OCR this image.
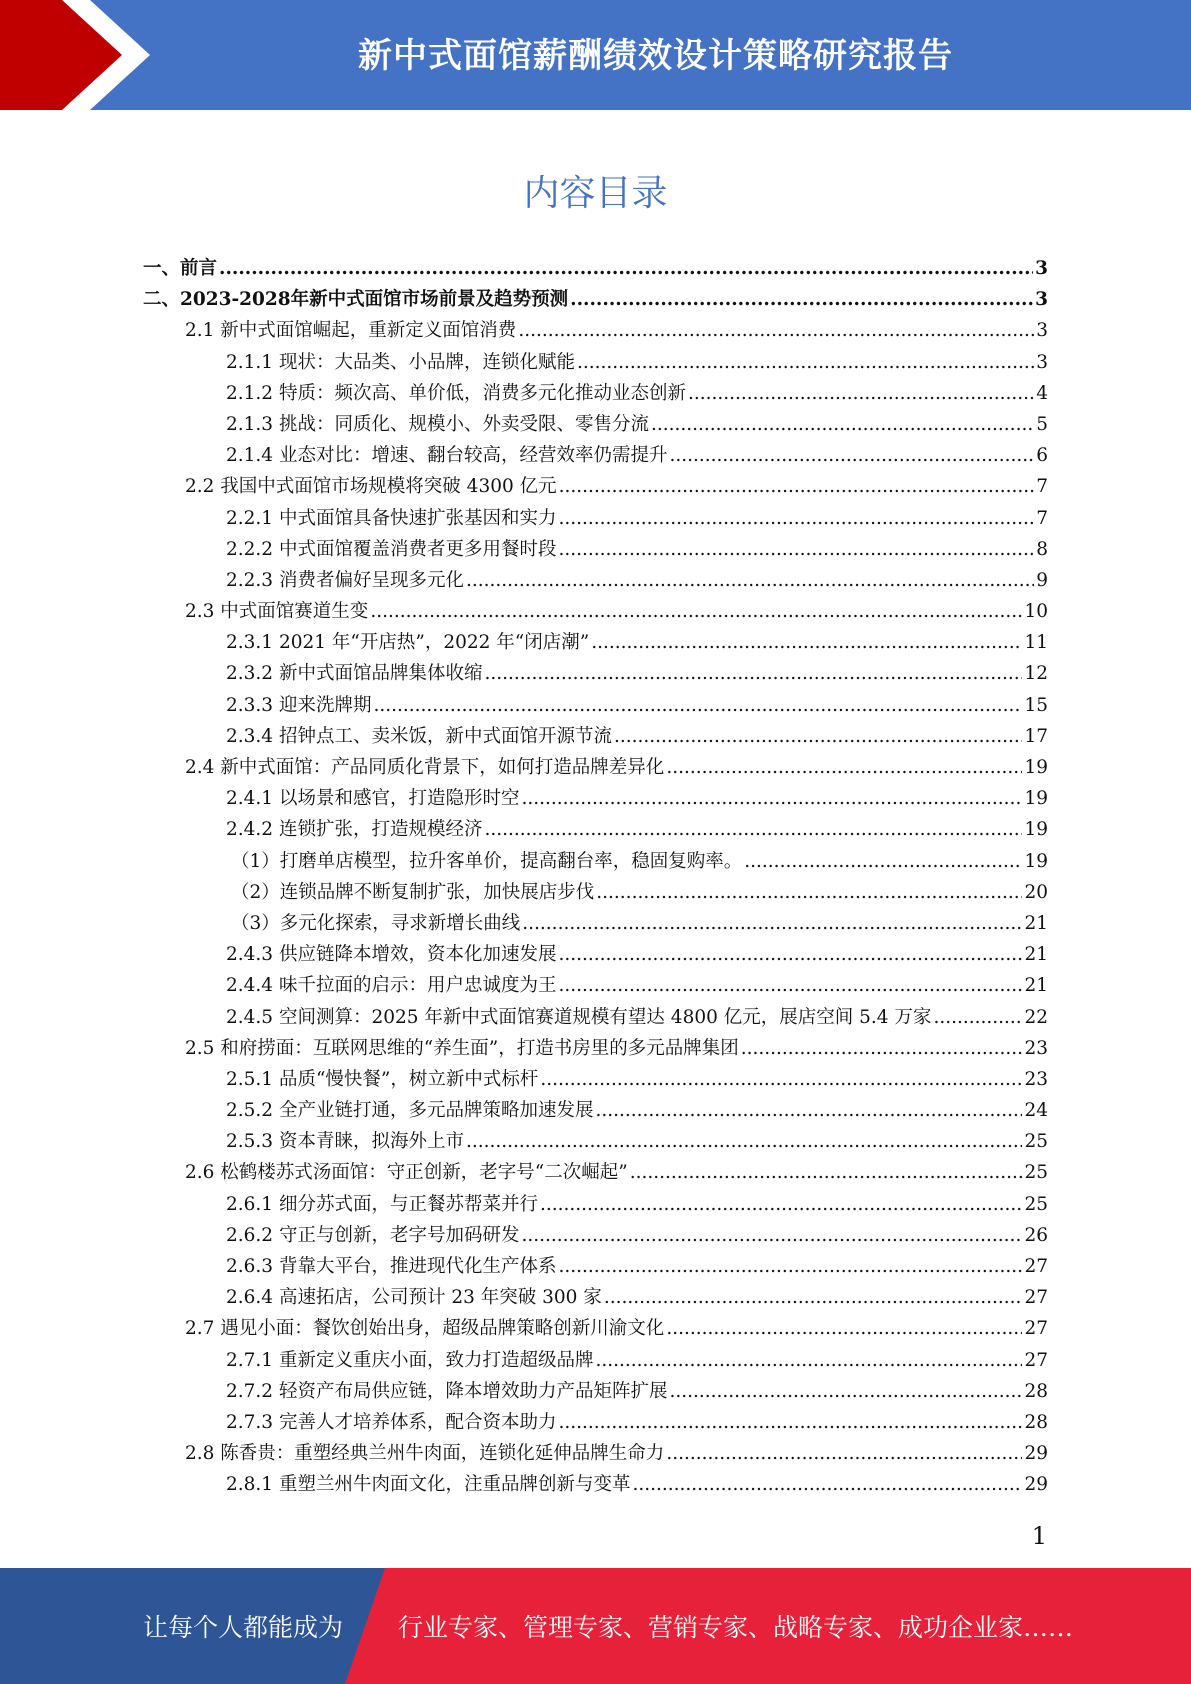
新中式面馆薪酬绩效设计策略研究报告
内容目录
一、前言 .....	3
二、2023-2028年新中式面馆市场前景及趋势预测 .....	3
2.1 新中式面馆崛起，重新定义面馆消费 .....	3
2.1.1 现状：大品类、小品牌，连锁化赋能 .....	3
2.1.2 特质：频次高、单价低，消费多元化推动业态创新 .....	4
2.1.3 挑战：同质化、规模小、外卖受限、零售分流 .....	5
2.1.4 业态对比：增速、翻台较高，经营效率仍需提升 .....	6
2.2 我国中式面馆市场规模将突破 4300 亿元 .....	7
2.2.1 中式面馆具备快速扩张基因和实力 .....	7
2.2.2 中式面馆覆盖消费者更多用餐时段 .....	8
2.2.3 消费者偏好呈现多元化 .....	9
2.3 中式面馆赛道生变 .....	10
2.3.1 2021 年“开店热”，2022 年“闭店潮” .....	11
2.3.2 新中式面馆品牌集体收缩 .....	12
2.3.3 迎来洗牌期 .....	15
2.3.4 招钟点工、卖米饭，新中式面馆开源节流 .....	17
2.4 新中式面馆：产品同质化背景下，如何打造品牌差异化 .....	19
2.4.1 以场景和感官，打造隐形时空 .....	19
2.4.2 连锁扩张，打造规模经济 .....	19
（1）打磨单店模型，拉升客单价，提高翻台率，稳固复购率。 .....	19
（2）连锁品牌不断复制扩张，加快展店步伐 .....	20
（3）多元化探索，寻求新增长曲线 .....	21
2.4.3 供应链降本增效，资本化加速发展 .....	21
2.4.4 味千拉面的启示：用户忠诚度为王 .....	21
2.4.5 空间测算：2025 年新中式面馆赛道规模有望达 4800 亿元，展店空间 5.4 万家 .....	22
2.5 和府捞面：互联网思维的“养生面”，打造书房里的多元品牌集团 .....	23
2.5.1 品质“慢快餐”，树立新中式标杆 .....	23
2.5.2 全产业链打通，多元品牌策略加速发展 .....	24
2.5.3 资本青睐，拟海外上市 .....	25
2.6 松鹤楼苏式汤面馆：守正创新，老字号“二次崛起” .....	25
2.6.1 细分苏式面，与正餐苏帮菜并行 .....	25
2.6.2 守正与创新，老字号加码研发 .....	26
2.6.3 背靠大平台，推进现代化生产体系 .....	27
2.6.4 高速拓店，公司预计 23 年突破 300 家 .....	27
2.7 遇见小面：餐饮创始出身，超级品牌策略创新川渝文化 .....	27
2.7.1 重新定义重庆小面，致力打造超级品牌 .....	27
2.7.2 轻资产布局供应链，降本增效助力产品矩阵扩展 .....	28
2.7.3 完善人才培养体系，配合资本助力 .....	28
2.8 陈香贵：重塑经典兰州牛肉面，连锁化延伸品牌生命力 .....	29
2.8.1 重塑兰州牛肉面文化，注重品牌创新与变革 .....	29
1
让每个人都能成为 行业专家、管理专家、营销专家、战略专家、成功企业家……
